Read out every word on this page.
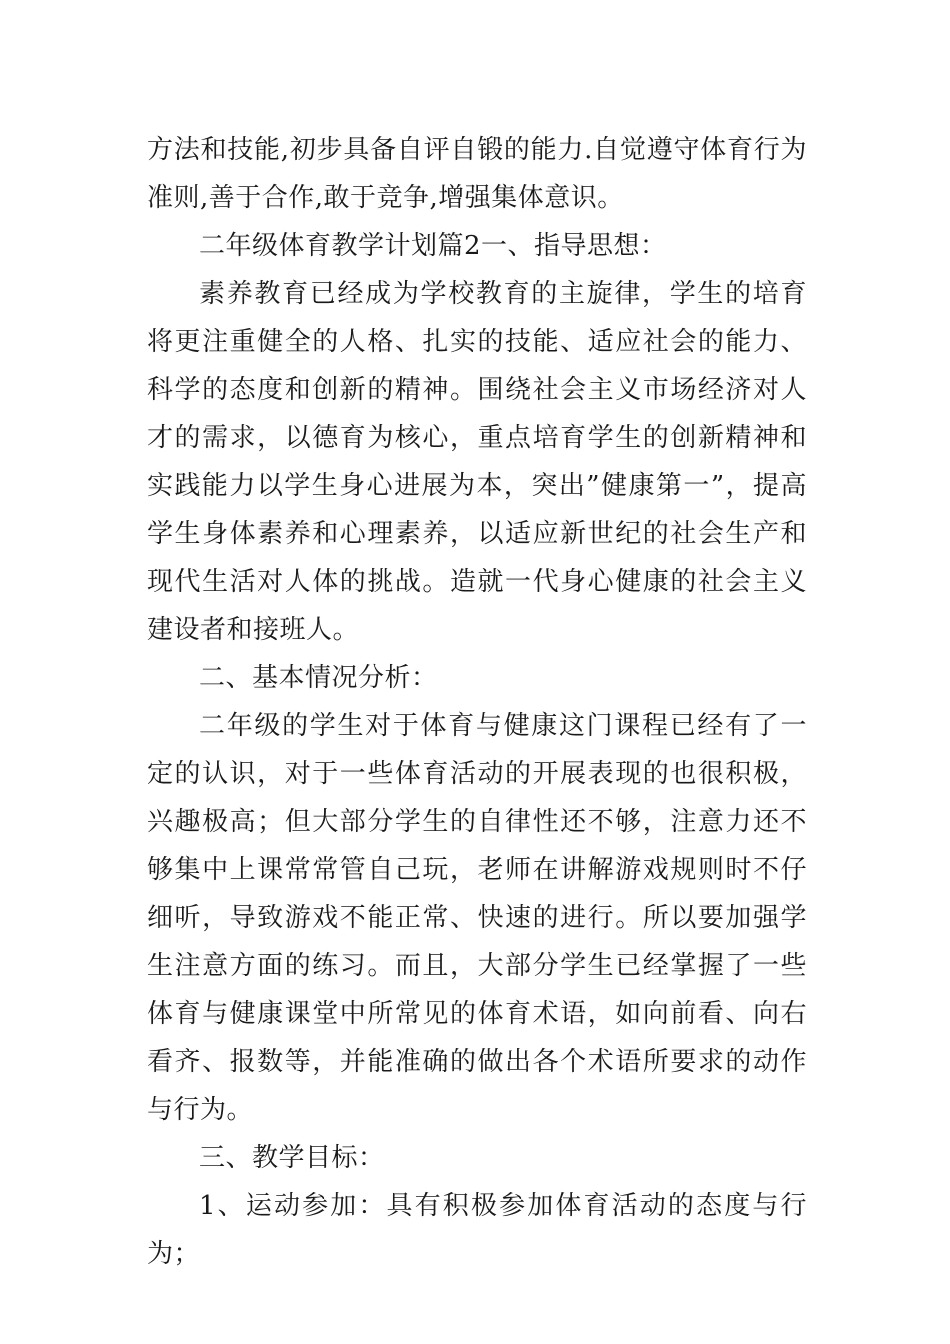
方法和技能,初步具备自评自锻的能力.自觉遵守体育行为准则,善于合作,敢于竞争,增强集体意识。

二年级体育教学计划篇2一、指导思想：

素养教育已经成为学校教育的主旋律，学生的培育将更注重健全的人格、扎实的技能、适应社会的能力、科学的态度和创新的精神。围绕社会主义市场经济对人才的需求，以德育为核心，重点培育学生的创新精神和实践能力以学生身心进展为本，突出”健康第一”，提高学生身体素养和心理素养，以适应新世纪的社会生产和现代生活对人体的挑战。造就一代身心健康的社会主义建设者和接班人。

二、基本情况分析：

二年级的学生对于体育与健康这门课程已经有了一定的认识，对于一些体育活动的开展表现的也很积极，兴趣极高；但大部分学生的自律性还不够，注意力还不够集中上课常常管自己玩，老师在讲解游戏规则时不仔细听，导致游戏不能正常、快速的进行。所以要加强学生注意方面的练习。而且，大部分学生已经掌握了一些体育与健康课堂中所常见的体育术语，如向前看、向右看齐、报数等，并能准确的做出各个术语所要求的动作与行为。

三、教学目标：

1、运动参加：具有积极参加体育活动的态度与行为；
